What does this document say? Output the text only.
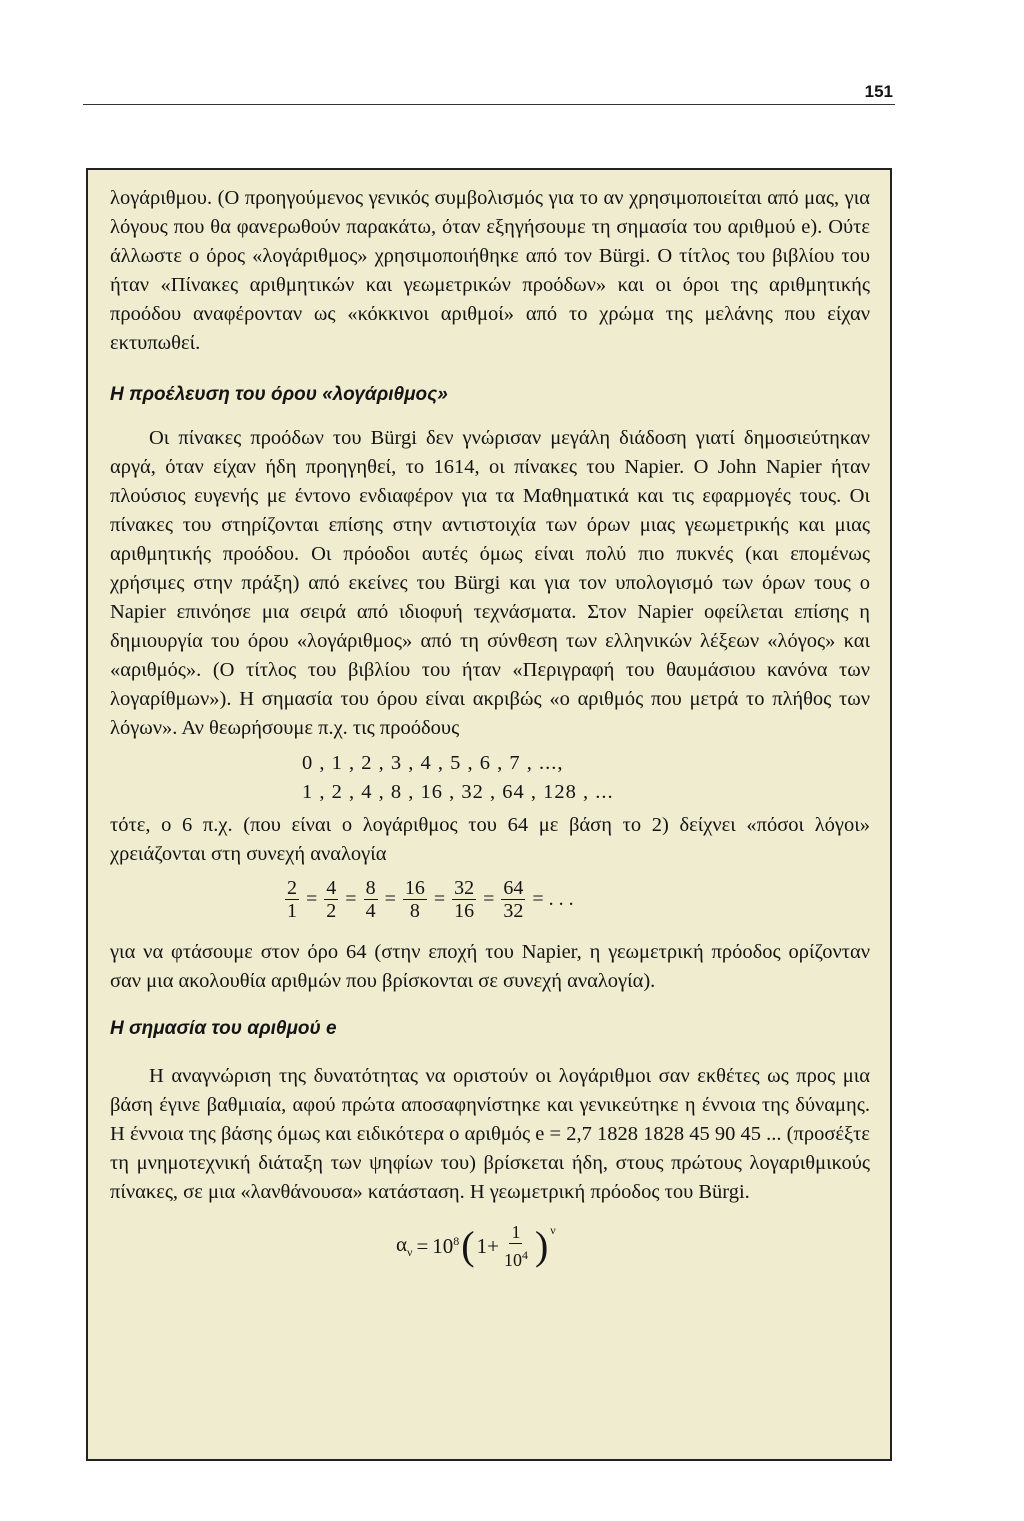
151

λογάριθμου. (Ο προηγούμενος γενικός συμβολισμός για το αν χρησιμοποιείται από μας, για λόγους που θα φανερωθούν παρακάτω, όταν εξηγήσουμε τη σημασία του αριθμού e). Ούτε άλλωστε ο όρος «λογάριθμος» χρησιμοποιήθηκε από τον Bürgi. Ο τίτλος του βιβλίου του ήταν «Πίνακες αριθμητικών και γεωμετρικών προόδων» και οι όροι της αριθμητικής προόδου αναφέρονταν ως «κόκκινοι αριθμοί» από το χρώμα της μελάνης που είχαν εκτυπωθεί.

Η προέλευση του όρου «λογάριθμος»

Οι πίνακες προόδων του Bürgi δεν γνώρισαν μεγάλη διάδοση γιατί δημοσιεύτηκαν αργά, όταν είχαν ήδη προηγηθεί, το 1614, οι πίνακες του Napier. Ο John Napier ήταν πλούσιος ευγενής με έντονο ενδιαφέρον για τα Μαθηματικά και τις εφαρμογές τους. Οι πίνακες του στηρίζονται επίσης στην αντιστοιχία των όρων μιας γεωμετρικής και μιας αριθμητικής προόδου. Οι πρόοδοι αυτές όμως είναι πολύ πιο πυκνές (και επομένως χρήσιμες στην πράξη) από εκείνες του Bürgi και για τον υπολογισμό των όρων τους ο Napier επινόησε μια σειρά από ιδιοφυή τεχνάσματα. Στον Napier οφείλεται επίσης η δημιουργία του όρου «λογάριθμος» από τη σύνθεση των ελληνικών λέξεων «λόγος» και «αριθμός». (Ο τίτλος του βιβλίου του ήταν «Περιγραφή του θαυμάσιου κανόνα των λογαρίθμων»). Η σημασία του όρου είναι ακριβώς «ο αριθμός που μετρά το πλήθος των λόγων». Αν θεωρήσουμε π.χ. τις προόδους

0 , 1 , 2 , 3 , 4 , 5 , 6 , 7 , ...,
1 , 2 , 4 , 8 , 16 , 32 , 64 , 128 , ...

τότε, ο 6 π.χ. (που είναι ο λογάριθμος του 64 με βάση το 2) δείχνει «πόσοι λόγοι» χρειάζονται στη συνεχή αναλογία

$\frac{2}{1} = \frac{4}{2} = \frac{8}{4} = \frac{16}{8} = \frac{32}{16} = \frac{64}{32}$ = . . .

για να φτάσουμε στον όρο 64 (στην εποχή του Napier, η γεωμετρική πρόοδος ορίζονταν σαν μια ακολουθία αριθμών που βρίσκονται σε συνεχή αναλογία).

Η σημασία του αριθμού e

Η αναγνώριση της δυνατότητας να οριστούν οι λογάριθμοι σαν εκθέτες ως προς μια βάση έγινε βαθμιαία, αφού πρώτα αποσαφηνίστηκε και γενικεύτηκε η έννοια της δύναμης. Η έννοια της βάσης όμως και ειδικότερα ο αριθμός e = 2,7 1828 1828 45 90 45 ... (προσέξτε τη μνημοτεχνική διάταξη των ψηφίων του) βρίσκεται ήδη, στους πρώτους λογαριθμικούς πίνακες, σε μια «λανθάνουσα» κατάσταση. Η γεωμετρική πρόοδος του Bürgi.

$\alpha_\nu = 10^8$ ( $1+ \frac{1}{10^4} )^\nu$
